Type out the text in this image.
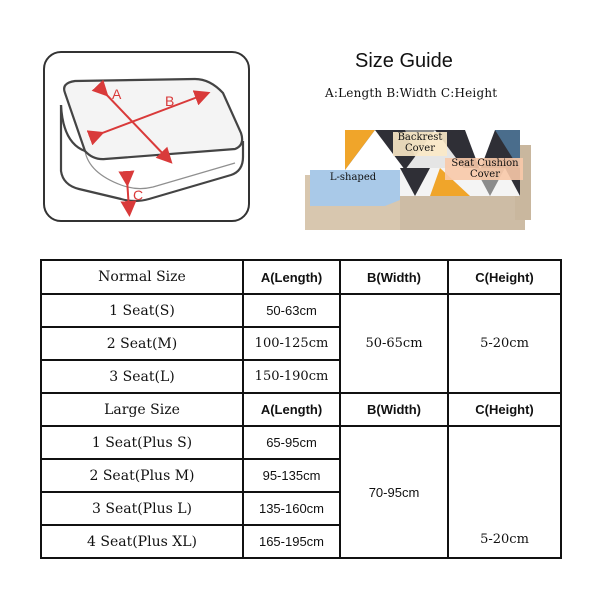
A	B
C
Size Guide
A:Length B:Width C:Height
Backrest Cover
Seat Cushion Cover
L-shaped
Normal Size	A(Length)	B(Width)	C(Height)
1 Seat(S)	50-63cm	50-65cm	5-20cm
2 Seat(M)	100-125cm		
3 Seat(L)	150-190cm		
Large Size	A(Length)	B(Width)	C(Height)
1 Seat(Plus S)	65-95cm	70-95cm	5-20cm
2 Seat(Plus M)	95-135cm		
3 Seat(Plus L)	135-160cm		
4 Seat(Plus XL)	165-195cm		
